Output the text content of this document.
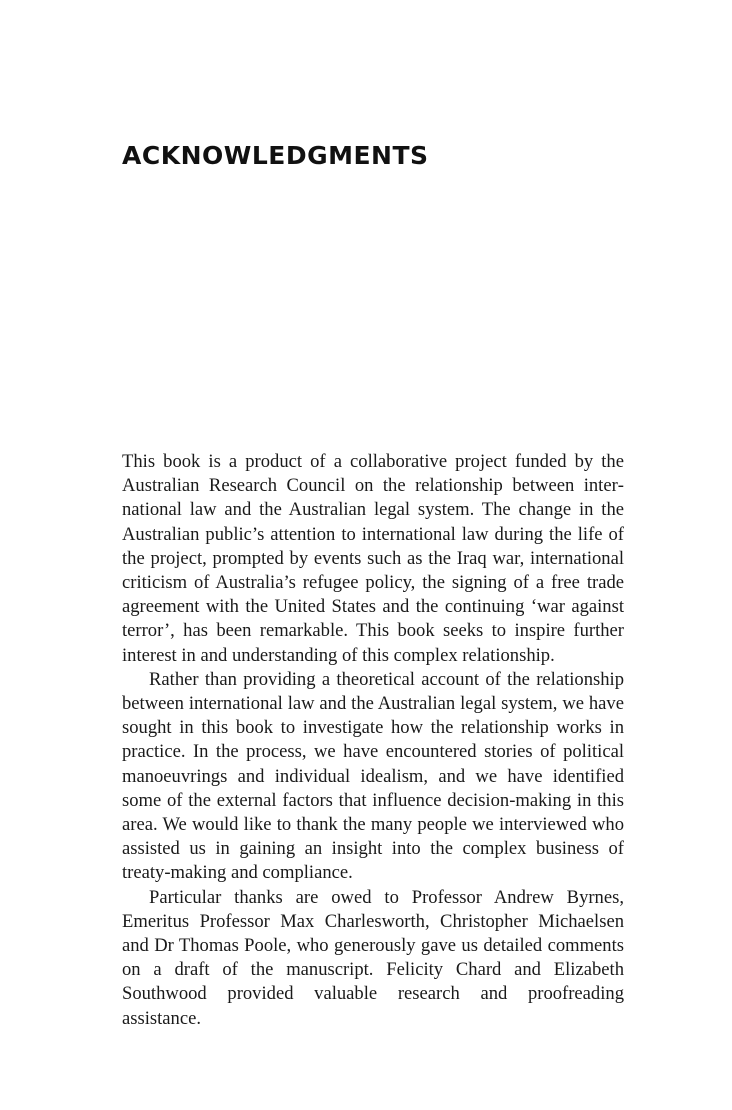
ACKNOWLEDGMENTS

This book is a product of a collaborative project funded by the Australian Research Council on the relationship between international law and the Australian legal system. The change in the Australian public’s attention to international law during the life of the project, prompted by events such as the Iraq war, international criticism of Australia’s refugee policy, the signing of a free trade agreement with the United States and the continuing ‘war against terror’, has been remarkable. This book seeks to inspire further interest in and understanding of this complex relationship.

Rather than providing a theoretical account of the relationship between international law and the Australian legal system, we have sought in this book to investigate how the relationship works in practice. In the process, we have encountered stories of political manoeuvrings and individual idealism, and we have identified some of the external factors that influence decision-making in this area. We would like to thank the many people we interviewed who assisted us in gaining an insight into the complex business of treaty-making and compliance.

Particular thanks are owed to Professor Andrew Byrnes, Emeritus Professor Max Charlesworth, Christopher Michaelsen and Dr Thomas Poole, who generously gave us detailed comments on a draft of the manuscript. Felicity Chard and Elizabeth Southwood provided valuable research and proofreading assistance.
